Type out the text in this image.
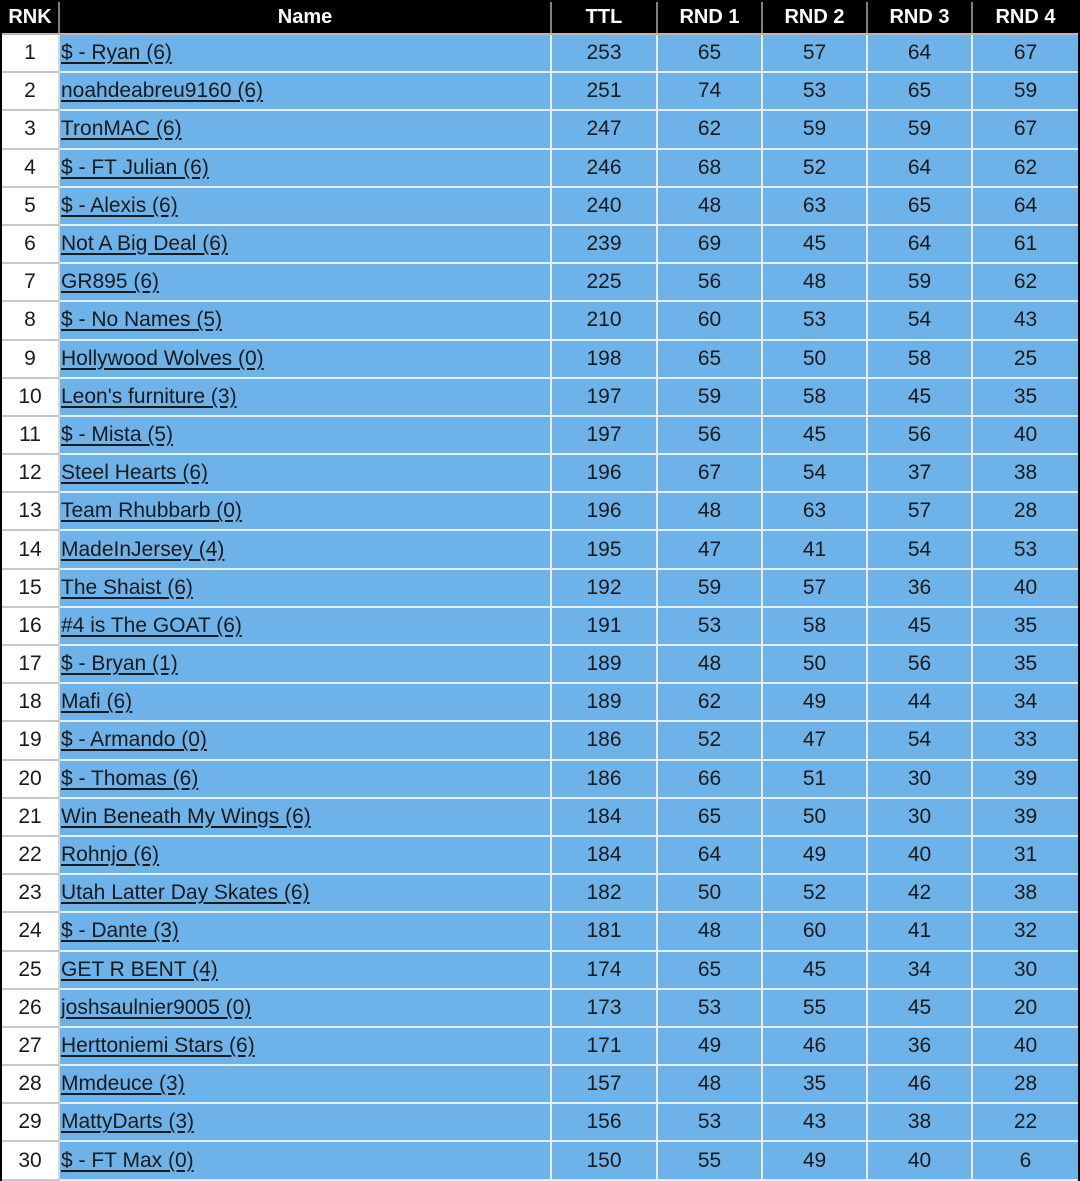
RNK	Name	TTL	RND 1	RND 2	RND 3	RND 4
1	$ - Ryan (6)	253	65	57	64	67
2	noahdeabreu9160 (6)	251	74	53	65	59
3	TronMAC (6)	247	62	59	59	67
4	$ - FT Julian (6)	246	68	52	64	62
5	$ - Alexis (6)	240	48	63	65	64
6	Not A Big Deal (6)	239	69	45	64	61
7	GR895 (6)	225	56	48	59	62
8	$ - No Names (5)	210	60	53	54	43
9	Hollywood Wolves (0)	198	65	50	58	25
10	Leon's furniture (3)	197	59	58	45	35
11	$ - Mista (5)	197	56	45	56	40
12	Steel Hearts (6)	196	67	54	37	38
13	Team Rhubbarb (0)	196	48	63	57	28
14	MadeInJersey (4)	195	47	41	54	53
15	The Shaist (6)	192	59	57	36	40
16	#4 is The GOAT (6)	191	53	58	45	35
17	$ - Bryan (1)	189	48	50	56	35
18	Mafi (6)	189	62	49	44	34
19	$ - Armando (0)	186	52	47	54	33
20	$ - Thomas (6)	186	66	51	30	39
21	Win Beneath My Wings (6)	184	65	50	30	39
22	Rohnjo (6)	184	64	49	40	31
23	Utah Latter Day Skates (6)	182	50	52	42	38
24	$ - Dante (3)	181	48	60	41	32
25	GET R BENT (4)	174	65	45	34	30
26	joshsaulnier9005 (0)	173	53	55	45	20
27	Herttoniemi Stars (6)	171	49	46	36	40
28	Mmdeuce (3)	157	48	35	46	28
29	MattyDarts (3)	156	53	43	38	22
30	$ - FT Max (0)	150	55	49	40	6
